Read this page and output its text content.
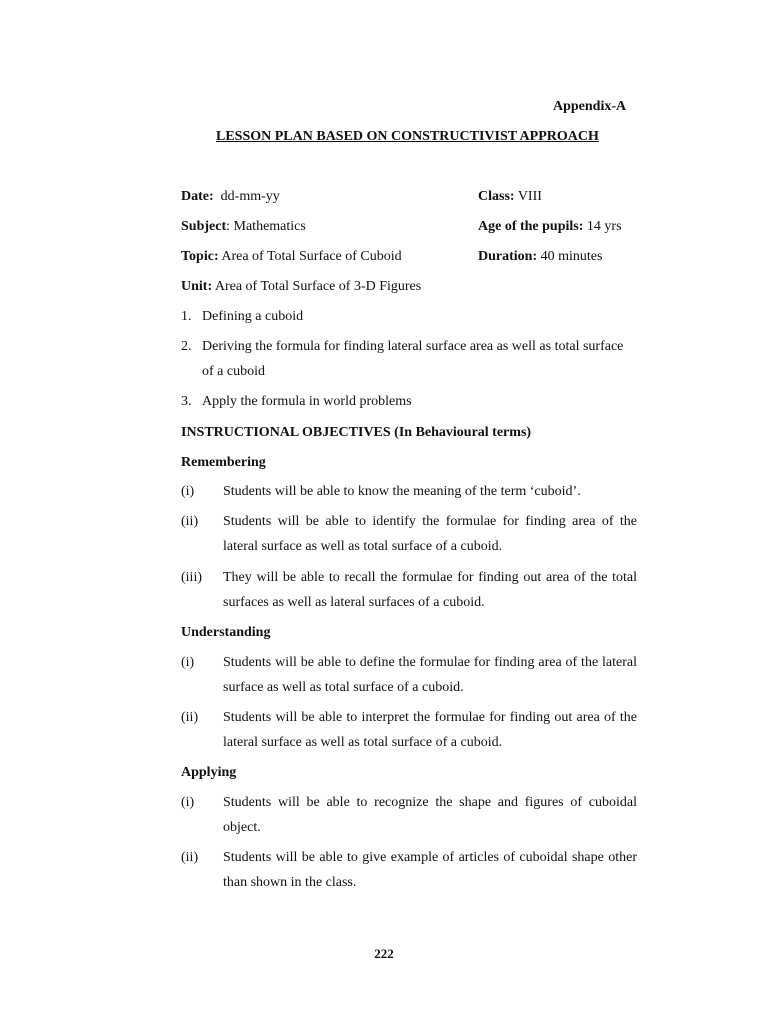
Appendix-A
LESSON PLAN BASED ON CONSTRUCTIVIST APPROACH
Date: dd-mm-yy	Class: VIII
Subject: Mathematics	Age of the pupils: 14 yrs
Topic: Area of Total Surface of Cuboid	Duration: 40 minutes
Unit: Area of Total Surface of 3-D Figures
1. Defining a cuboid
2. Deriving the formula for finding lateral surface area as well as total surface
of a cuboid
3. Apply the formula in world problems
INSTRUCTIONAL OBJECTIVES (In Behavioural terms)
Remembering
(i) Students will be able to know the meaning of the term ‘cuboid’.
(ii) Students will be able to identify the formulae for finding area of the
lateral surface as well as total surface of a cuboid.
(iii) They will be able to recall the formulae for finding out area of the total
surfaces as well as lateral surfaces of a cuboid.
Understanding
(i) Students will be able to define the formulae for finding area of the lateral
surface as well as total surface of a cuboid.
(ii) Students will be able to interpret the formulae for finding out area of the
lateral surface as well as total surface of a cuboid.
Applying
(i) Students will be able to recognize the shape and figures of cuboidal
object.
(ii) Students will be able to give example of articles of cuboidal shape other
than shown in the class.
222
